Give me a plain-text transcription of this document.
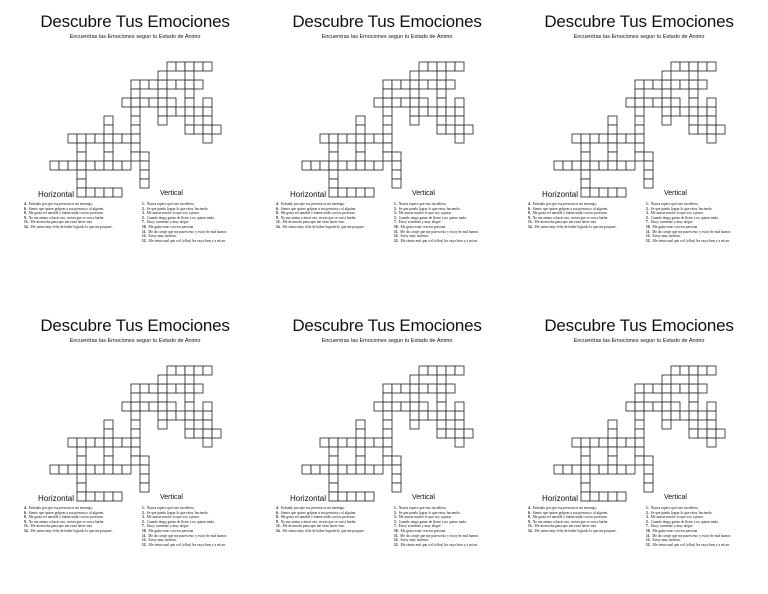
Descubre Tus Emociones
Encuentras las Emociones segun tu Estado de Animo
Horizontal	Vertical
4. Enfundo por que esa persona es mi enemigo.
6. Siento que quiere golpear a esa persona o al alguien.
8. Me gusta ser amable y buena onda con las personas.
9. No me animo a hacer eso, siento que se van a burlar.
13. Me da mucha pena que me vean hacer esto.
14. Me siento muy feliz de haber logrado lo que me propuse.
1. Nunca espero que esto sucediera.
2. Se que puedo lograr lo que estoy haciendo.
3. Me asusta mucho lo que voy a pasar.
5. Cuando tengo ganas de llorar y no quiero nada.
7. Estoy sonriente y muy alegre.
10. Me gusta estar con esa persona.
11. Me da coraje que me pasen esto y estoy de mal humor.
12. Estoy muy molesto.
12. Me siento mal que a el (ellos) les vaya bien y a mi no.
Descubre Tus Emociones
Encuentras las Emociones segun tu Estado de Animo
Horizontal	Vertical
4. Enfundo por que esa persona es mi enemigo.
6. Siento que quiere golpear a esa persona o al alguien.
8. Me gusta ser amable y buena onda con las personas.
9. No me animo a hacer eso, siento que se van a burlar.
13. Me da mucha pena que me vean hacer esto.
14. Me siento muy feliz de haber logrado lo que me propuse.
1. Nunca espero que esto sucediera.
2. Se que puedo lograr lo que estoy haciendo.
3. Me asusta mucho lo que voy a pasar.
5. Cuando tengo ganas de llorar y no quiero nada.
7. Estoy sonriente y muy alegre.
10. Me gusta estar con esa persona.
11. Me da coraje que me pasen esto y estoy de mal humor.
12. Estoy muy molesto.
12. Me siento mal que a el (ellos) les vaya bien y a mi no.
Descubre Tus Emociones
Encuentras las Emociones segun tu Estado de Animo
Horizontal	Vertical
4. Enfundo por que esa persona es mi enemigo.
6. Siento que quiere golpear a esa persona o al alguien.
8. Me gusta ser amable y buena onda con las personas.
9. No me animo a hacer eso, siento que se van a burlar.
13. Me da mucha pena que me vean hacer esto.
14. Me siento muy feliz de haber logrado lo que me propuse.
1. Nunca espero que esto sucediera.
2. Se que puedo lograr lo que estoy haciendo.
3. Me asusta mucho lo que voy a pasar.
5. Cuando tengo ganas de llorar y no quiero nada.
7. Estoy sonriente y muy alegre.
10. Me gusta estar con esa persona.
11. Me da coraje que me pasen esto y estoy de mal humor.
12. Estoy muy molesto.
12. Me siento mal que a el (ellos) les vaya bien y a mi no.
Descubre Tus Emociones
Encuentras las Emociones segun tu Estado de Animo
Horizontal	Vertical
4. Enfundo por que esa persona es mi enemigo.
6. Siento que quiere golpear a esa persona o al alguien.
8. Me gusta ser amable y buena onda con las personas.
9. No me animo a hacer eso, siento que se van a burlar.
13. Me da mucha pena que me vean hacer esto.
14. Me siento muy feliz de haber logrado lo que me propuse.
1. Nunca espero que esto sucediera.
2. Se que puedo lograr lo que estoy haciendo.
3. Me asusta mucho lo que voy a pasar.
5. Cuando tengo ganas de llorar y no quiero nada.
7. Estoy sonriente y muy alegre.
10. Me gusta estar con esa persona.
11. Me da coraje que me pasen esto y estoy de mal humor.
12. Estoy muy molesto.
12. Me siento mal que a el (ellos) les vaya bien y a mi no.
Descubre Tus Emociones
Encuentras las Emociones segun tu Estado de Animo
Horizontal	Vertical
4. Enfundo por que esa persona es mi enemigo.
6. Siento que quiere golpear a esa persona o al alguien.
8. Me gusta ser amable y buena onda con las personas.
9. No me animo a hacer eso, siento que se van a burlar.
13. Me da mucha pena que me vean hacer esto.
14. Me siento muy feliz de haber logrado lo que me propuse.
1. Nunca espero que esto sucediera.
2. Se que puedo lograr lo que estoy haciendo.
3. Me asusta mucho lo que voy a pasar.
5. Cuando tengo ganas de llorar y no quiero nada.
7. Estoy sonriente y muy alegre.
10. Me gusta estar con esa persona.
11. Me da coraje que me pasen esto y estoy de mal humor.
12. Estoy muy molesto.
12. Me siento mal que a el (ellos) les vaya bien y a mi no.
Descubre Tus Emociones
Encuentras las Emociones segun tu Estado de Animo
Horizontal	Vertical
4. Enfundo por que esa persona es mi enemigo.
6. Siento que quiere golpear a esa persona o al alguien.
8. Me gusta ser amable y buena onda con las personas.
9. No me animo a hacer eso, siento que se van a burlar.
13. Me da mucha pena que me vean hacer esto.
14. Me siento muy feliz de haber logrado lo que me propuse.
1. Nunca espero que esto sucediera.
2. Se que puedo lograr lo que estoy haciendo.
3. Me asusta mucho lo que voy a pasar.
5. Cuando tengo ganas de llorar y no quiero nada.
7. Estoy sonriente y muy alegre.
10. Me gusta estar con esa persona.
11. Me da coraje que me pasen esto y estoy de mal humor.
12. Estoy muy molesto.
12. Me siento mal que a el (ellos) les vaya bien y a mi no.
